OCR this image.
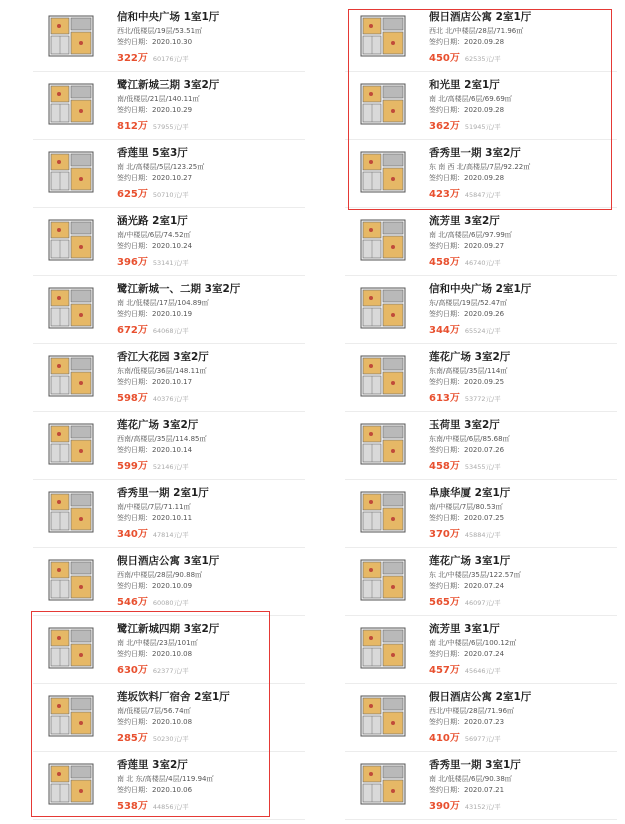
信和中央广场 1室1厅
西北/低楼层/19层/53.51㎡
签约日期：2020.10.30
322万 60176元/平
鹭江新城三期 3室2厅
南/低楼层/21层/140.11㎡
签约日期：2020.10.29
812万 57955元/平
香莲里 5室3厅
南 北/高楼层/5层/123.25㎡
签约日期：2020.10.27
625万 50710元/平
涵光路 2室1厅
南/中楼层/6层/74.52㎡
签约日期：2020.10.24
396万 53141元/平
鹭江新城一、二期 3室2厅
南 北/低楼层/17层/104.89㎡
签约日期：2020.10.19
672万 64068元/平
香江大花园 3室2厅
东南/低楼层/36层/148.11㎡
签约日期：2020.10.17
598万 40376元/平
莲花广场 3室2厅
西南/高楼层/35层/114.85㎡
签约日期：2020.10.14
599万 52146元/平
香秀里一期 2室1厅
南/中楼层/7层/71.11㎡
签约日期：2020.10.11
340万 47814元/平
假日酒店公寓 3室1厅
西南/中楼层/28层/90.88㎡
签约日期：2020.10.09
546万 60080元/平
鹭江新城四期 3室2厅
南 北/中楼层/23层/101㎡
签约日期：2020.10.08
630万 62377元/平
莲坂饮料厂宿舍 2室1厅
南/低楼层/7层/56.74㎡
签约日期：2020.10.08
285万 50230元/平
香莲里 3室2厅
南 北 东/高楼层/4层/119.94㎡
签约日期：2020.10.06
538万 44856元/平
假日酒店公寓 2室1厅
西北 北/中楼层/28层/71.96㎡
签约日期：2020.09.28
450万 62535元/平
和光里 2室1厅
南 北/高楼层/6层/69.69㎡
签约日期：2020.09.28
362万 51945元/平
香秀里一期 3室2厅
东 南 西 北/高楼层/7层/92.22㎡
签约日期：2020.09.28
423万 45847元/平
流芳里 3室2厅
南 北/高楼层/6层/97.99㎡
签约日期：2020.09.27
458万 46740元/平
信和中央广场 2室1厅
东/高楼层/19层/52.47㎡
签约日期：2020.09.26
344万 65524元/平
莲花广场 3室2厅
东南/高楼层/35层/114㎡
签约日期：2020.09.25
613万 53772元/平
玉荷里 3室2厅
东南/中楼层/6层/85.68㎡
签约日期：2020.07.26
458万 53455元/平
阜康华厦 2室1厅
南/中楼层/7层/80.53㎡
签约日期：2020.07.25
370万 45884元/平
莲花广场 3室1厅
东 北/中楼层/35层/122.57㎡
签约日期：2020.07.24
565万 46097元/平
流芳里 3室1厅
南 北/中楼层/6层/100.12㎡
签约日期：2020.07.24
457万 45646元/平
假日酒店公寓 2室1厅
西北/中楼层/28层/71.96㎡
签约日期：2020.07.23
410万 56977元/平
香秀里一期 3室1厅
南 北/低楼层/6层/90.38㎡
签约日期：2020.07.21
390万 43152元/平
